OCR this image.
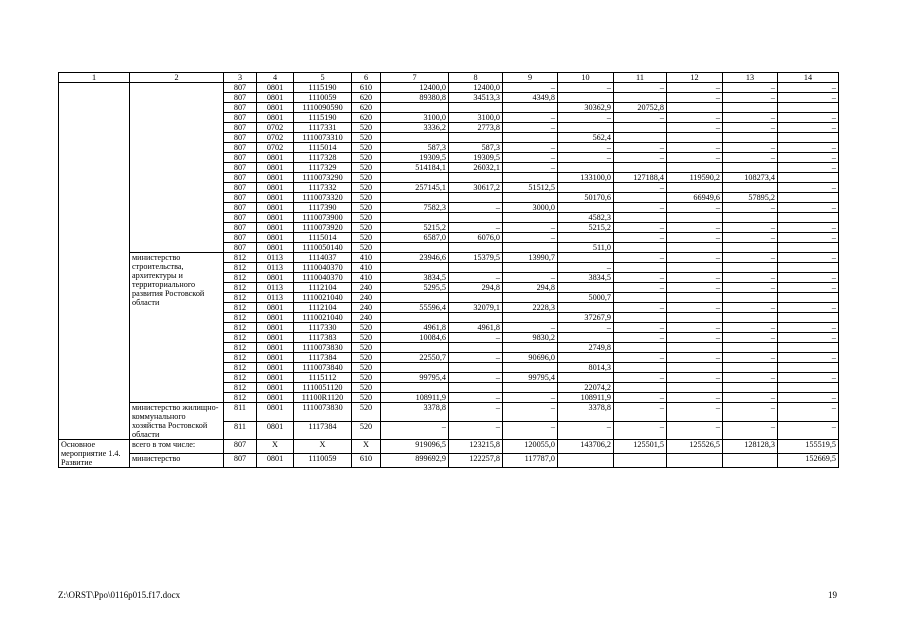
1	2	3	4	5	6	7	8	9	10	11	12	13	14
		807	0801	1115190	610	12400,0	12400,0	–	–	–	–	–	–
		807	0801	1110059	620	89380,8	34513,3	4349,8			–	–	–
		807	0801	1110090590	620				30362,9	20752,8			
		807	0801	1115190	620	3100,0	3100,0	–	–	–	–	–	–
		807	0702	1117331	520	3336,2	2773,8	–			–	–	–
		807	0702	1110073310	520				562,4				
		807	0702	1115014	520	587,3	587,3	–	–	–	–	–	–
		807	0801	1117328	520	19309,5	19309,5	–	–	–	–	–	–
		807	0801	1117329	520	514184,1	26032,1	–					–
		807	0801	1110073290	520				133100,0	127188,4	119590,2	108273,4	
		807	0801	1117332	520	257145,1	30617,2	51512,5		–			–
		807	0801	1110073320	520				50170,6		66949,6	57895,2	
		807	0801	1117390	520	7582,3	–	3000,0		–	–	–	–
		807	0801	1110073900	520				4582,3				
		807	0801	1110073920	520	5215,2	–	–	5215,2	–	–	–	–
		807	0801	1115014	520	6587,0	6076,0	–		–	–	–	–
		807	0801	1110050140	520				511,0				
	министерство строительства, архитектуры и территориального развития Ростовской области	812	0113	1114037	410	23946,6	15379,5	13990,7		–	–	–	–
		812	0113	1110040370	410				–				
		812	0801	1110040370	410	3834,5	–	–	3834,5	–	–	–	–
		812	0113	1112104	240	5295,5	294,8	294,8		–	–	–	–
		812	0113	1110021040	240				5000,7				
		812	0801	1112104	240	55596,4	32079,1	2228,3		–	–	–	–
		812	0801	1110021040	240				37267,9				
		812	0801	1117330	520	4961,8	4961,8	–	–	–	–	–	–
		812	0801	1117383	520	10084,6	–	9830,2		–	–	–	–
		812	0801	1110073830	520				2749,8				
		812	0801	1117384	520	22550,7	–	90696,0		–	–	–	–
		812	0801	1110073840	520				8014,3				
		812	0801	1115112	520	99795,4	–	99795,4		–	–	–	–
		812	0801	1110051120	520				22074,2				
		812	0801	11100R1120	520	108911,9	–	–	108911,9	–	–	–	–
	министерство жилищно-коммунального хозяйства Ростовской области	811	0801	1110073830	520	3378,8	–	–	3378,8	–	–	–	–
		811	0801	1117384	520	–	–	–	–	–	–	–	–
Основное мероприятие 1.4. Развитие	всего в том числе:	807	X	X	X	919096,5	123215,8	120055,0	143706,2	125501,5	125526,5	128128,3	155519,5
	министерство	807	0801	1110059	610	899692,9	122257,8	117787,0					152669,5
Z:\ORST\Ppo\0116p015.f17.docx	19
